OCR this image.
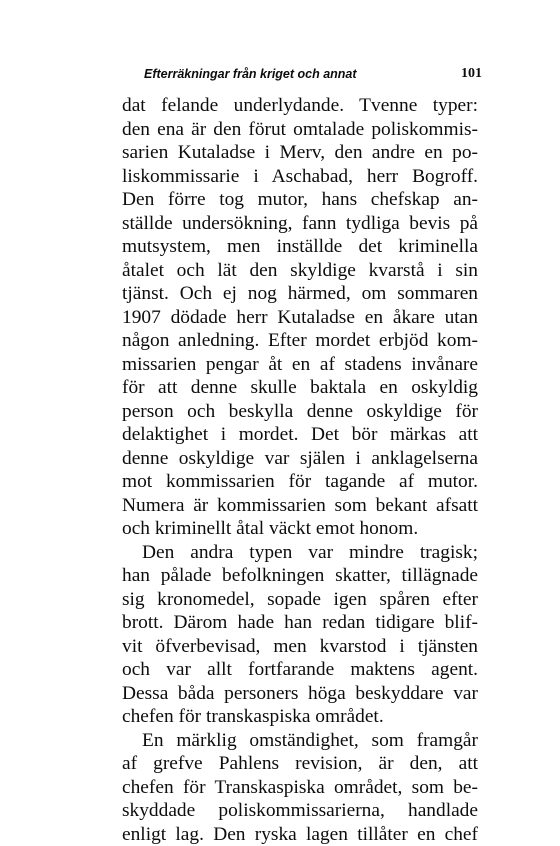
Efterräkningar från kriget och annat	101
dat felande underlydande. Tvenne typer:
den ena är den förut omtalade poliskommis-
sarien Kutaladse i Merv, den andre en po-
liskommissarie i Aschabad, herr Bogroff.
Den förre tog mutor, hans chefskap an-
ställde undersökning, fann tydliga bevis på
mutsystem, men inställde det kriminella
åtalet och lät den skyldige kvarstå i sin
tjänst. Och ej nog härmed, om sommaren
1907 dödade herr Kutaladse en åkare utan
någon anledning. Efter mordet erbjöd kom-
missarien pengar åt en af stadens invånare
för att denne skulle baktala en oskyldig
person och beskylla denne oskyldige för
delaktighet i mordet. Det bör märkas att
denne oskyldige var själen i anklagelserna
mot kommissarien för tagande af mutor.
Numera är kommissarien som bekant afsatt
och kriminellt åtal väckt emot honom.
Den andra typen var mindre tragisk;
han pålade befolkningen skatter, tillägnade
sig kronomedel, sopade igen spåren efter
brott. Därom hade han redan tidigare blif-
vit öfverbevisad, men kvarstod i tjänsten
och var allt fortfarande maktens agent.
Dessa båda personers höga beskyddare var
chefen för transkaspiska området.
En märklig omständighet, som framgår
af grefve Pahlens revision, är den, att
chefen för Transkaspiska området, som be-
skyddade poliskommissarierna, handlade
enligt lag. Den ryska lagen tillåter en chef
